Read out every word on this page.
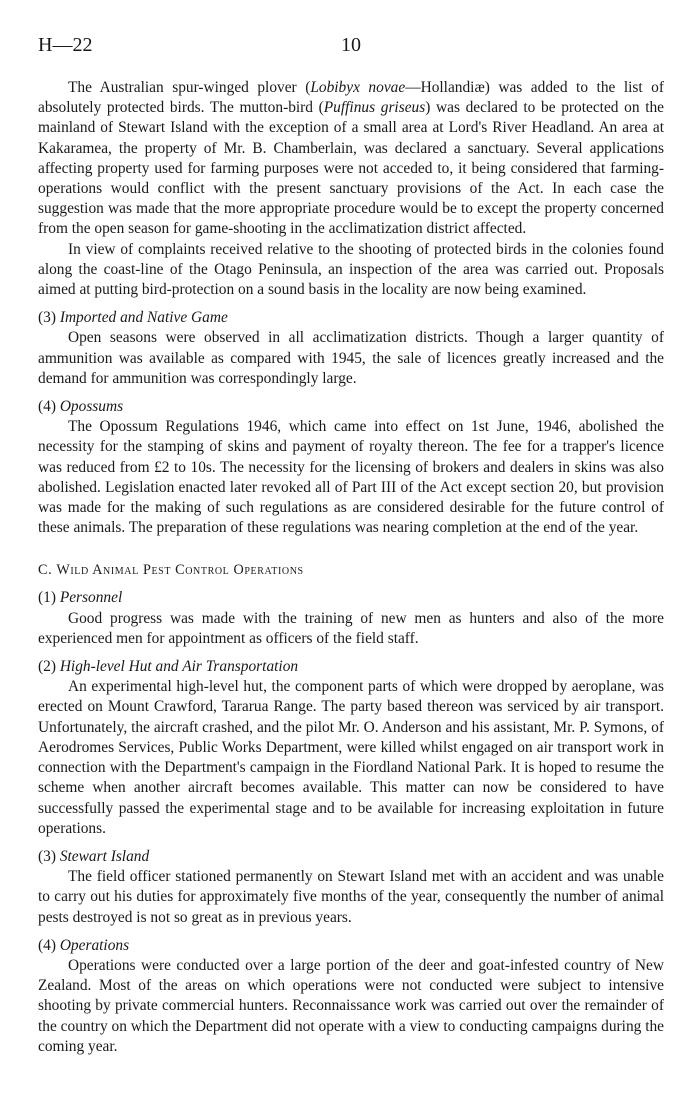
H—22	10

The Australian spur-winged plover (Lobibyx novae—Hollandiæ) was added to the list of absolutely protected birds. The mutton-bird (Puffinus griseus) was declared to be protected on the mainland of Stewart Island with the exception of a small area at Lord's River Headland. An area at Kakaramea, the property of Mr. B. Chamberlain, was declared a sanctuary. Several applications affecting property used for farming purposes were not acceded to, it being considered that farming-operations would conflict with the present sanctuary provisions of the Act. In each case the suggestion was made that the more appropriate procedure would be to except the property concerned from the open season for game-shooting in the acclimatization district affected.

In view of complaints received relative to the shooting of protected birds in the colonies found along the coast-line of the Otago Peninsula, an inspection of the area was carried out. Proposals aimed at putting bird-protection on a sound basis in the locality are now being examined.

(3) Imported and Native Game

Open seasons were observed in all acclimatization districts. Though a larger quantity of ammunition was available as compared with 1945, the sale of licences greatly increased and the demand for ammunition was correspondingly large.

(4) Opossums

The Opossum Regulations 1946, which came into effect on 1st June, 1946, abolished the necessity for the stamping of skins and payment of royalty thereon. The fee for a trapper's licence was reduced from £2 to 10s. The necessity for the licensing of brokers and dealers in skins was also abolished. Legislation enacted later revoked all of Part III of the Act except section 20, but provision was made for the making of such regulations as are considered desirable for the future control of these animals. The preparation of these regulations was nearing completion at the end of the year.

C. Wild Animal Pest Control Operations
(1) Personnel

Good progress was made with the training of new men as hunters and also of the more experienced men for appointment as officers of the field staff.

(2) High-level Hut and Air Transportation

An experimental high-level hut, the component parts of which were dropped by aeroplane, was erected on Mount Crawford, Tararua Range. The party based thereon was serviced by air transport. Unfortunately, the aircraft crashed, and the pilot Mr. O. Anderson and his assistant, Mr. P. Symons, of Aerodromes Services, Public Works Department, were killed whilst engaged on air transport work in connection with the Department's campaign in the Fiordland National Park. It is hoped to resume the scheme when another aircraft becomes available. This matter can now be considered to have successfully passed the experimental stage and to be available for increasing exploitation in future operations.

(3) Stewart Island

The field officer stationed permanently on Stewart Island met with an accident and was unable to carry out his duties for approximately five months of the year, consequently the number of animal pests destroyed is not so great as in previous years.

(4) Operations

Operations were conducted over a large portion of the deer and goat-infested country of New Zealand. Most of the areas on which operations were not conducted were subject to intensive shooting by private commercial hunters. Reconnaissance work was carried out over the remainder of the country on which the Department did not operate with a view to conducting campaigns during the coming year.
